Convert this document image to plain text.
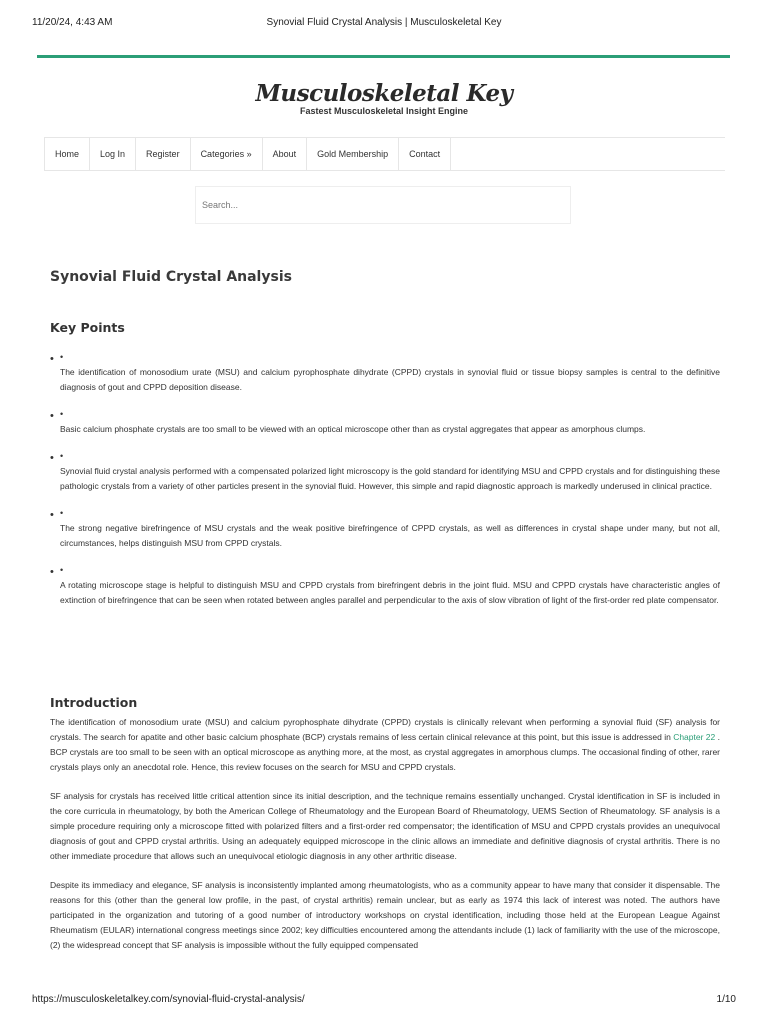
11/20/24, 4:43 AM	Synovial Fluid Crystal Analysis | Musculoskeletal Key
Musculoskeletal Key
Fastest Musculoskeletal Insight Engine
Home	Log In	Register	Categories »	About	Gold Membership	Contact
Search...
Synovial Fluid Crystal Analysis
Key Points
• •

The identification of monosodium urate (MSU) and calcium pyrophosphate dihydrate (CPPD) crystals in synovial fluid or tissue biopsy samples is central to the definitive diagnosis of gout and CPPD deposition disease.

• •

Basic calcium phosphate crystals are too small to be viewed with an optical microscope other than as crystal aggregates that appear as amorphous clumps.

• •

Synovial fluid crystal analysis performed with a compensated polarized light microscopy is the gold standard for identifying MSU and CPPD crystals and for distinguishing these pathologic crystals from a variety of other particles present in the synovial fluid. However, this simple and rapid diagnostic approach is markedly underused in clinical practice.

• •

The strong negative birefringence of MSU crystals and the weak positive birefringence of CPPD crystals, as well as differences in crystal shape under many, but not all, circumstances, helps distinguish MSU from CPPD crystals.

• •

A rotating microscope stage is helpful to distinguish MSU and CPPD crystals from birefringent debris in the joint fluid. MSU and CPPD crystals have characteristic angles of extinction of birefringence that can be seen when rotated between angles parallel and perpendicular to the axis of slow vibration of light of the first-order red plate compensator.

Introduction

The identification of monosodium urate (MSU) and calcium pyrophosphate dihydrate (CPPD) crystals is clinically relevant when performing a synovial fluid (SF) analysis for crystals. The search for apatite and other basic calcium phosphate (BCP) crystals remains of less certain clinical relevance at this point, but this issue is addressed in Chapter 22 . BCP crystals are too small to be seen with an optical microscope as anything more, at the most, as crystal aggregates in amorphous clumps. The occasional finding of other, rarer crystals plays only an anecdotal role. Hence, this review focuses on the search for MSU and CPPD crystals.

SF analysis for crystals has received little critical attention since its initial description, and the technique remains essentially unchanged. Crystal identification in SF is included in the core curricula in rheumatology, by both the American College of Rheumatology and the European Board of Rheumatology, UEMS Section of Rheumatology. SF analysis is a simple procedure requiring only a microscope fitted with polarized filters and a first-order red compensator; the identification of MSU and CPPD crystals provides an unequivocal diagnosis of gout and CPPD crystal arthritis. Using an adequately equipped microscope in the clinic allows an immediate and definitive diagnosis of crystal arthritis. There is no other immediate procedure that allows such an unequivocal etiologic diagnosis in any other arthritic disease.

Despite its immediacy and elegance, SF analysis is inconsistently implanted among rheumatologists, who as a community appear to have many that consider it dispensable. The reasons for this (other than the general low profile, in the past, of crystal arthritis) remain unclear, but as early as 1974 this lack of interest was noted. The authors have participated in the organization and tutoring of a good number of introductory workshops on crystal identification, including those held at the European League Against Rheumatism (EULAR) international congress meetings since 2002; key difficulties encountered among the attendants include (1) lack of familiarity with the use of the microscope, (2) the widespread concept that SF analysis is impossible without the fully equipped compensated

https://musculoskeletalkey.com/synovial-fluid-crystal-analysis/	1/10
